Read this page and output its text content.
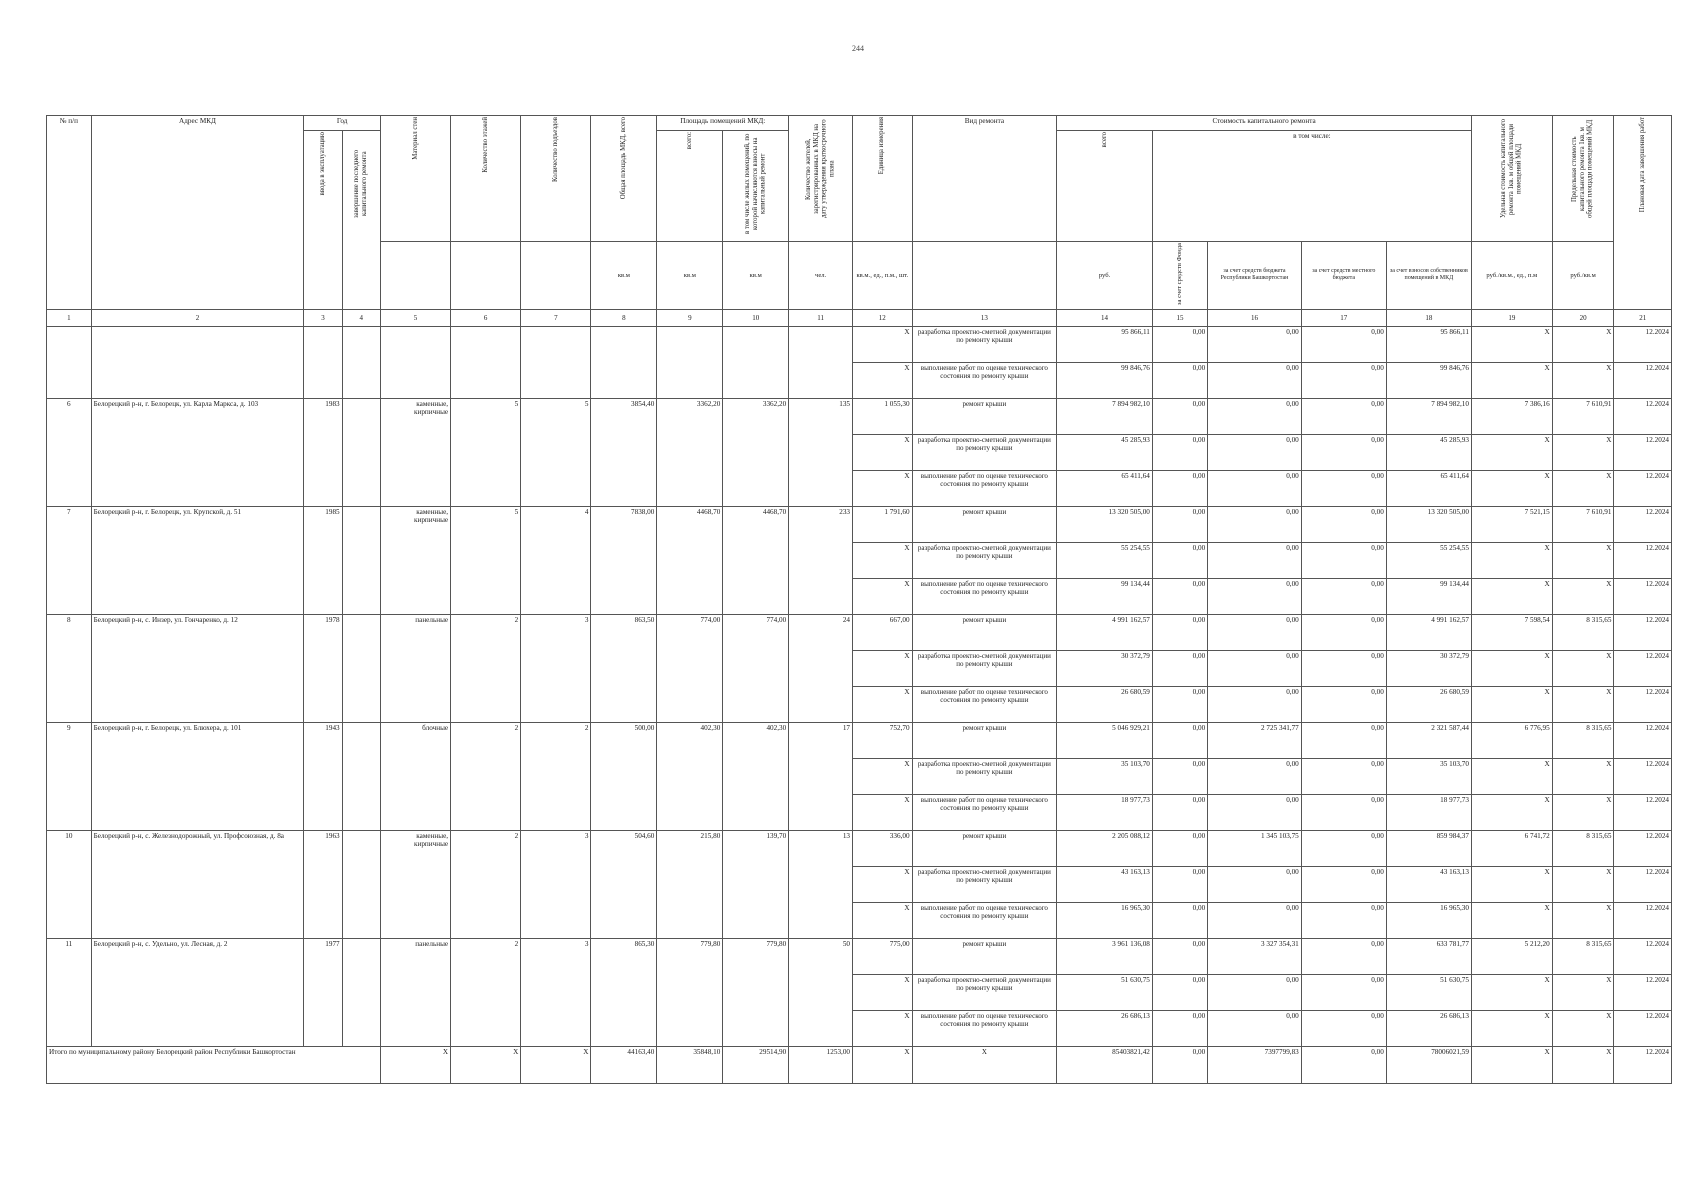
244
№ п/п	Адрес МКД	Год		Материал стен	Количество этажей	Количество подъездов	Общая площадь МКД, всего	Площадь помещений МКД:		Количество жителей, зарегистрированных в МКД на дату утверждения краткосрочного плана	Единица измерения	Вид ремонта	Стоимость капитального ремонта					Удельная стоимость капитального ремонта 1кв. м общей площади помещений МКД	Предельная стоимость капитального ремонта 1кв. м общей площади помещений МКД	Плановая дата завершения работ
		ввода в эксплуатацию	завершение последнего капитального ремонта					всего:	в том числе жилых помещений, по которой начисляются взносы на капитальный ремонт				всего	в том числе:						
							кв.м	кв.м	кв.м	чел.	кв.м., ед., п.м., шт.		руб.	за счет средств Фонда	за счет средств бюджета Республики Башкортостан	за счет средств местного бюджета	за счет взносов собственников помещений в МКД	руб./кв.м., ед., п.м	руб./кв.м	
1	2	3	4	5	6	7	8	9	10	11	12	13	14	15	16	17	18	19	20	21
											X	разработка проектно-сметной документации по ремонту крыши	95 866,11	0,00	0,00	0,00	95 866,11	X	X	12.2024
											X	выполнение работ по оценке технического состояния по ремонту крыши	99 846,76	0,00	0,00	0,00	99 846,76	X	X	12.2024
6	Белорецкий р-н, г. Белорецк, ул. Карла Маркса, д. 103	1983		каменные, кирпичные	5	5	3854,40	3362,20	3362,20	135	1 055,30	ремонт крыши	7 894 982,10	0,00	0,00	0,00	7 894 982,10	7 386,16	7 610,91	12.2024
											X	разработка проектно-сметной документации по ремонту крыши	45 285,93	0,00	0,00	0,00	45 285,93	X	X	12.2024
											X	выполнение работ по оценке технического состояния по ремонту крыши	65 411,64	0,00	0,00	0,00	65 411,64	X	X	12.2024
7	Белорецкий р-н, г. Белорецк, ул. Крупской, д. 51	1985		каменные, кирпичные	5	4	7838,00	4468,70	4468,70	233	1 791,60	ремонт крыши	13 320 505,00	0,00	0,00	0,00	13 320 505,00	7 521,15	7 610,91	12.2024
											X	разработка проектно-сметной документации по ремонту крыши	55 254,55	0,00	0,00	0,00	55 254,55	X	X	12.2024
											X	выполнение работ по оценке технического состояния по ремонту крыши	99 134,44	0,00	0,00	0,00	99 134,44	X	X	12.2024
8	Белорецкий р-н, с. Инзер, ул. Гончаренко, д. 12	1978		панельные	2	3	863,50	774,00	774,00	24	667,00	ремонт крыши	4 991 162,57	0,00	0,00	0,00	4 991 162,57	7 598,54	8 315,65	12.2024
											X	разработка проектно-сметной документации по ремонту крыши	30 372,79	0,00	0,00	0,00	30 372,79	X	X	12.2024
											X	выполнение работ по оценке технического состояния по ремонту крыши	26 680,59	0,00	0,00	0,00	26 680,59	X	X	12.2024
9	Белорецкий р-н, г. Белорецк, ул. Блюхера, д. 101	1943		блочные	2	2	500,00	402,30	402,30	17	752,70	ремонт крыши	5 046 929,21	0,00	2 725 341,77	0,00	2 321 587,44	6 776,95	8 315,65	12.2024
											X	разработка проектно-сметной документации по ремонту крыши	35 103,70	0,00	0,00	0,00	35 103,70	X	X	12.2024
											X	выполнение работ по оценке технического состояния по ремонту крыши	18 977,73	0,00	0,00	0,00	18 977,73	X	X	12.2024
10	Белорецкий р-н, с. Железнодорожный, ул. Профсоюзная, д. 8а	1963		каменные, кирпичные	2	3	504,60	215,80	139,70	13	336,00	ремонт крыши	2 205 088,12	0,00	1 345 103,75	0,00	859 984,37	6 741,72	8 315,65	12.2024
											X	разработка проектно-сметной документации по ремонту крыши	43 163,13	0,00	0,00	0,00	43 163,13	X	X	12.2024
											X	выполнение работ по оценке технического состояния по ремонту крыши	16 965,30	0,00	0,00	0,00	16 965,30	X	X	12.2024
11	Белорецкий р-н, с. Удельно, ул. Лесная, д. 2	1977		панельные	2	3	865,30	779,80	779,80	50	775,00	ремонт крыши	3 961 136,08	0,00	3 327 354,31	0,00	633 781,77	5 212,20	8 315,65	12.2024
											X	разработка проектно-сметной документации по ремонту крыши	51 630,75	0,00	0,00	0,00	51 630,75	X	X	12.2024
											X	выполнение работ по оценке технического состояния по ремонту крыши	26 686,13	0,00	0,00	0,00	26 686,13	X	X	12.2024
Итого по муниципальному району Белорецкий район Республики Башкортостан				X	X	X	44163,40	35848,10	29514,90	1253,00	X	X	85403821,42	0,00	7397799,83	0,00	78006021,59	X	X	12.2024
